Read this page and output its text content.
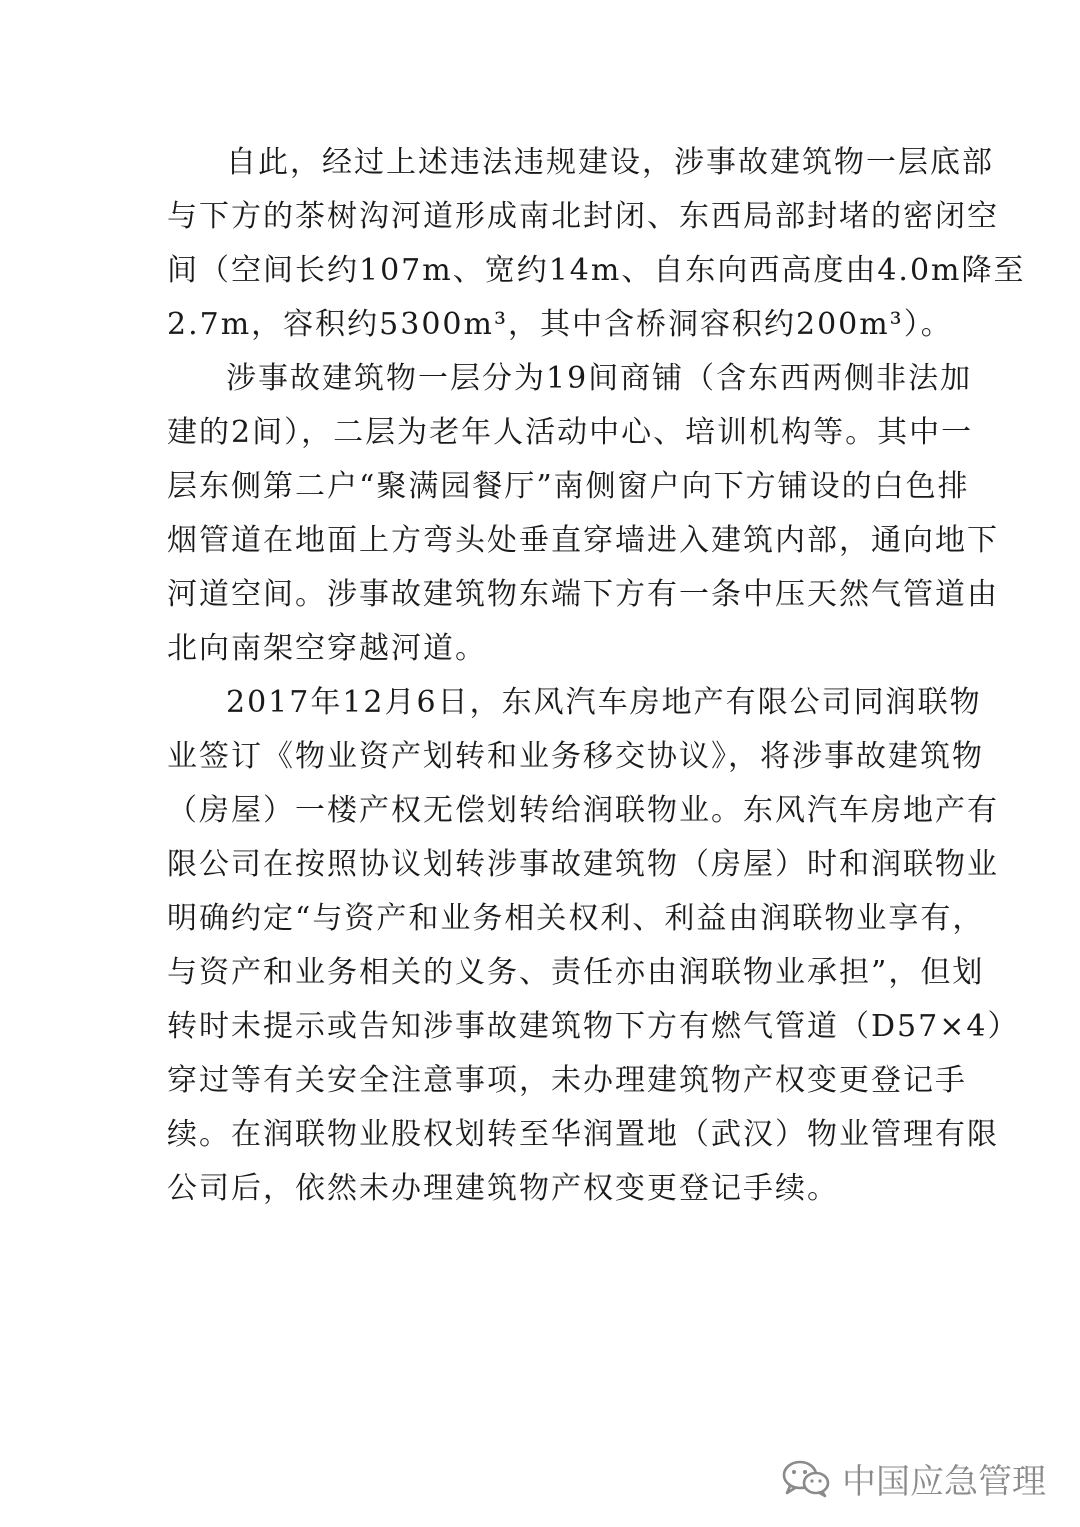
自此，经过上述违法违规建设，涉事故建筑物一层底部
与下方的茶树沟河道形成南北封闭、东西局部封堵的密闭空
间（空间长约107m、宽约14m、自东向西高度由4.0m降至
2.7m，容积约5300m³，其中含桥洞容积约200m³）。
涉事故建筑物一层分为19间商铺（含东西两侧非法加
建的2间），二层为老年人活动中心、培训机构等。其中一
层东侧第二户“聚满园餐厅”南侧窗户向下方铺设的白色排
烟管道在地面上方弯头处垂直穿墙进入建筑内部，通向地下
河道空间。涉事故建筑物东端下方有一条中压天然气管道由
北向南架空穿越河道。
2017年12月6日，东风汽车房地产有限公司同润联物
业签订《物业资产划转和业务移交协议》，将涉事故建筑物
（房屋）一楼产权无偿划转给润联物业。东风汽车房地产有
限公司在按照协议划转涉事故建筑物（房屋）时和润联物业
明确约定“与资产和业务相关权利、利益由润联物业享有，
与资产和业务相关的义务、责任亦由润联物业承担”，但划
转时未提示或告知涉事故建筑物下方有燃气管道（D57×4）
穿过等有关安全注意事项，未办理建筑物产权变更登记手
续。在润联物业股权划转至华润置地（武汉）物业管理有限
公司后，依然未办理建筑物产权变更登记手续。
中国应急管理
